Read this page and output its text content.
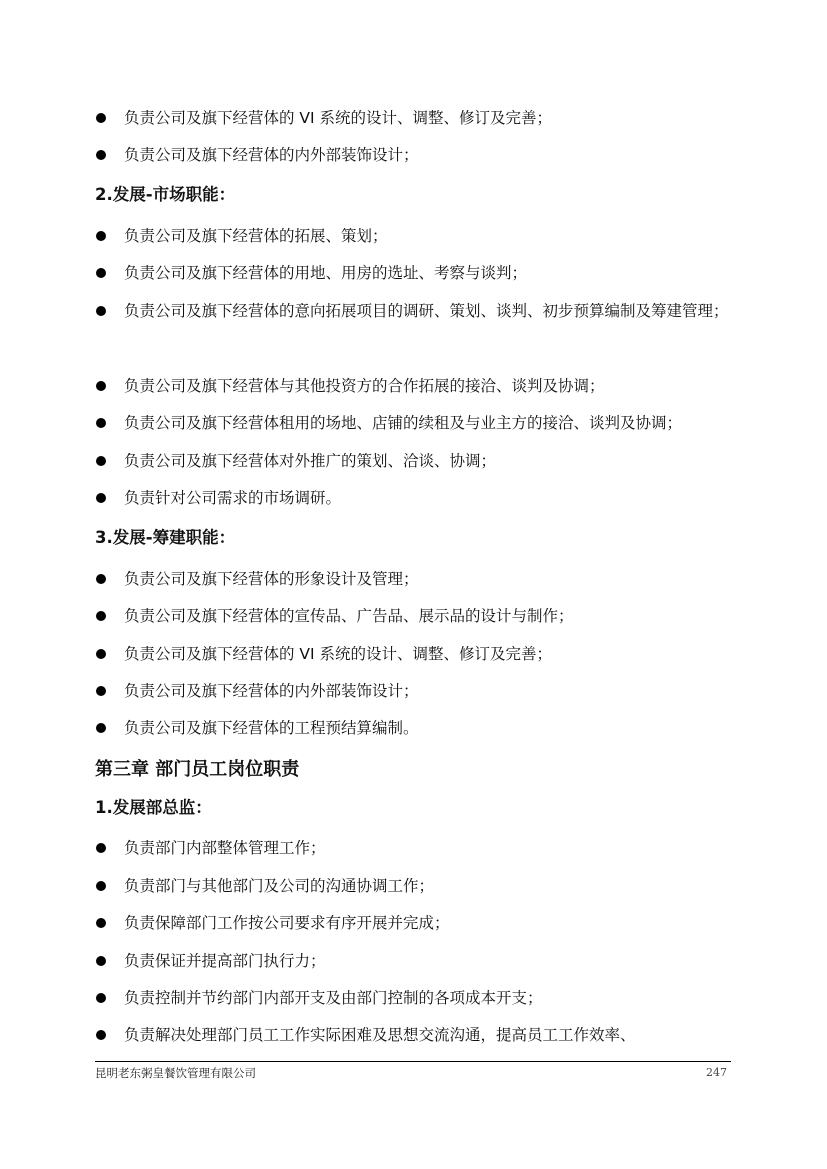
负责公司及旗下经营体的 VI 系统的设计、调整、修订及完善；
负责公司及旗下经营体的内外部装饰设计；
2.发展-市场职能：
负责公司及旗下经营体的拓展、策划；
负责公司及旗下经营体的用地、用房的选址、考察与谈判；
负责公司及旗下经营体的意向拓展项目的调研、策划、谈判、初步预算编制及筹建管理；
负责公司及旗下经营体与其他投资方的合作拓展的接洽、谈判及协调；
负责公司及旗下经营体租用的场地、店铺的续租及与业主方的接洽、谈判及协调；
负责公司及旗下经营体对外推广的策划、洽谈、协调；
负责针对公司需求的市场调研。
3.发展-筹建职能：
负责公司及旗下经营体的形象设计及管理；
负责公司及旗下经营体的宣传品、广告品、展示品的设计与制作；
负责公司及旗下经营体的 VI 系统的设计、调整、修订及完善；
负责公司及旗下经营体的内外部装饰设计；
负责公司及旗下经营体的工程预结算编制。
第三章 部门员工岗位职责
1.发展部总监：
负责部门内部整体管理工作；
负责部门与其他部门及公司的沟通协调工作；
负责保障部门工作按公司要求有序开展并完成；
负责保证并提高部门执行力；
负责控制并节约部门内部开支及由部门控制的各项成本开支；
负责解决处理部门员工工作实际困难及思想交流沟通，提高员工工作效率、
昆明老东粥皇餐饮管理有限公司	247
